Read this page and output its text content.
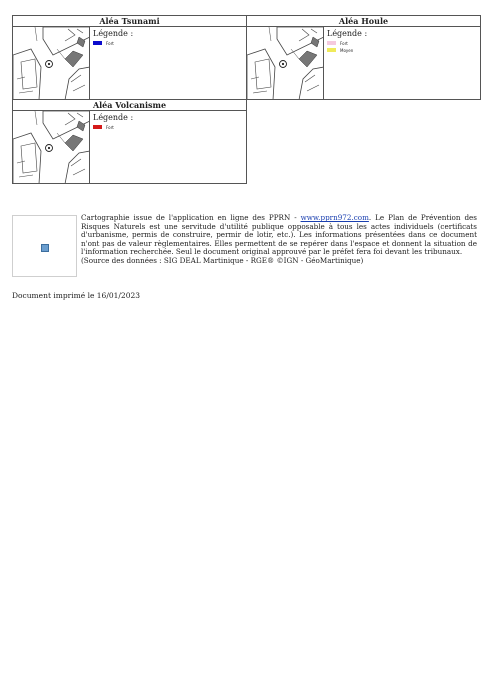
Aléa Tsunami
Légende :
Fort
Aléa Houle
Légende :
Fort
Moyen
Aléa Volcanisme
Légende :
Fort
Cartographie issue de l'application en ligne des PPRN - www.pprn972.com. Le Plan de Prévention des Risques Naturels est une servitude d'utilité publique opposable à tous les actes individuels (certificats d'urbanisme, permis de construire, permir de lotir, etc.). Les informations présentées dans ce document n'ont pas de valeur règlementaires. Elles permettent de se repérer dans l'espace et donnent la situation de l'information recherchée. Seul le document original approuvé par le préfet fera foi devant les tribunaux.
(Source des données : SIG DEAL Martinique - RGE® ©IGN - GéoMartinique)
Document imprimé le 16/01/2023
